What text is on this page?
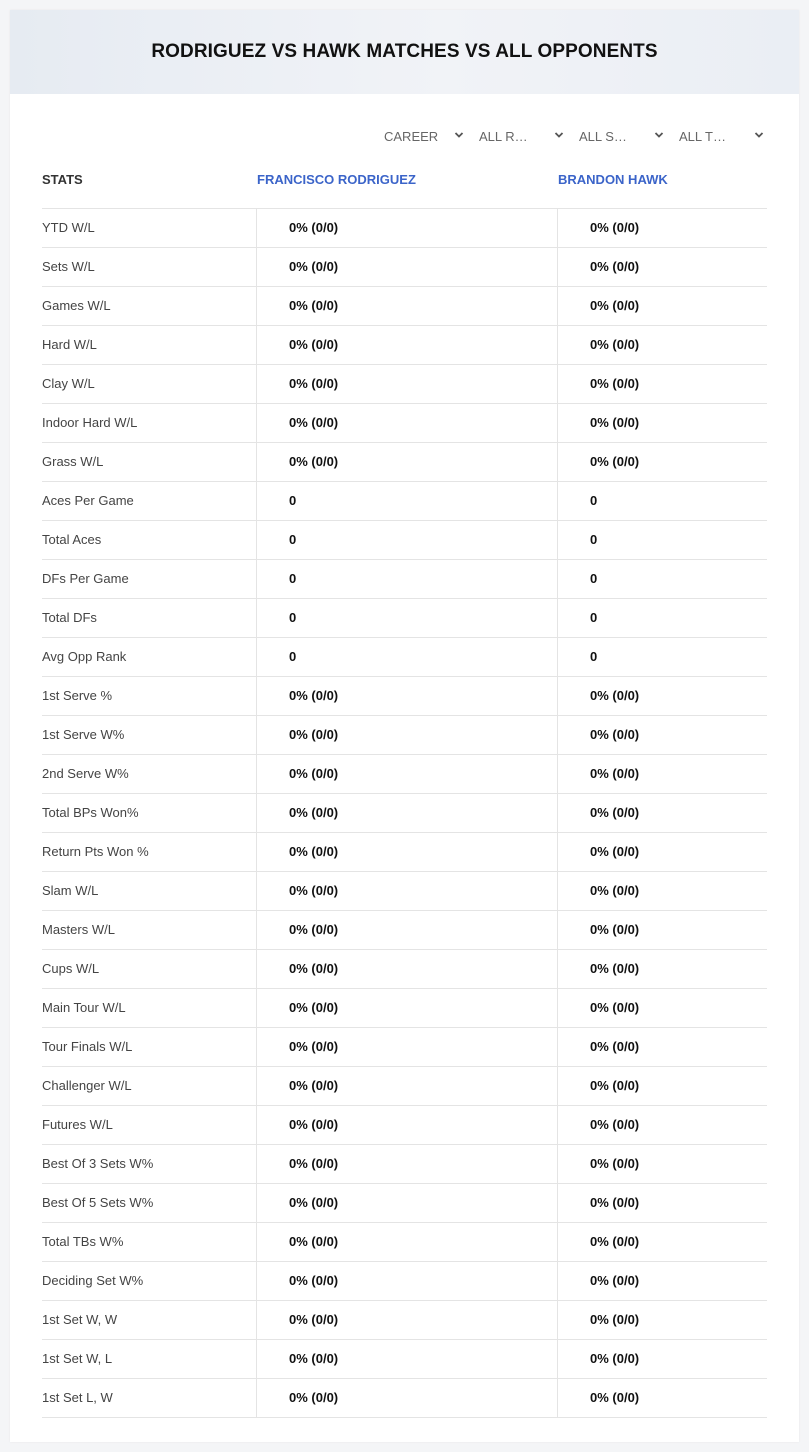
RODRIGUEZ VS HAWK MATCHES VS ALL OPPONENTS
CAREER	ALL R…	ALL S…	ALL T…
STATS	FRANCISCO RODRIGUEZ	BRANDON HAWK
YTD W/L	0% (0/0)	0% (0/0)
Sets W/L	0% (0/0)	0% (0/0)
Games W/L	0% (0/0)	0% (0/0)
Hard W/L	0% (0/0)	0% (0/0)
Clay W/L	0% (0/0)	0% (0/0)
Indoor Hard W/L	0% (0/0)	0% (0/0)
Grass W/L	0% (0/0)	0% (0/0)
Aces Per Game	0	0
Total Aces	0	0
DFs Per Game	0	0
Total DFs	0	0
Avg Opp Rank	0	0
1st Serve %	0% (0/0)	0% (0/0)
1st Serve W%	0% (0/0)	0% (0/0)
2nd Serve W%	0% (0/0)	0% (0/0)
Total BPs Won%	0% (0/0)	0% (0/0)
Return Pts Won %	0% (0/0)	0% (0/0)
Slam W/L	0% (0/0)	0% (0/0)
Masters W/L	0% (0/0)	0% (0/0)
Cups W/L	0% (0/0)	0% (0/0)
Main Tour W/L	0% (0/0)	0% (0/0)
Tour Finals W/L	0% (0/0)	0% (0/0)
Challenger W/L	0% (0/0)	0% (0/0)
Futures W/L	0% (0/0)	0% (0/0)
Best Of 3 Sets W%	0% (0/0)	0% (0/0)
Best Of 5 Sets W%	0% (0/0)	0% (0/0)
Total TBs W%	0% (0/0)	0% (0/0)
Deciding Set W%	0% (0/0)	0% (0/0)
1st Set W, W	0% (0/0)	0% (0/0)
1st Set W, L	0% (0/0)	0% (0/0)
1st Set L, W	0% (0/0)	0% (0/0)
